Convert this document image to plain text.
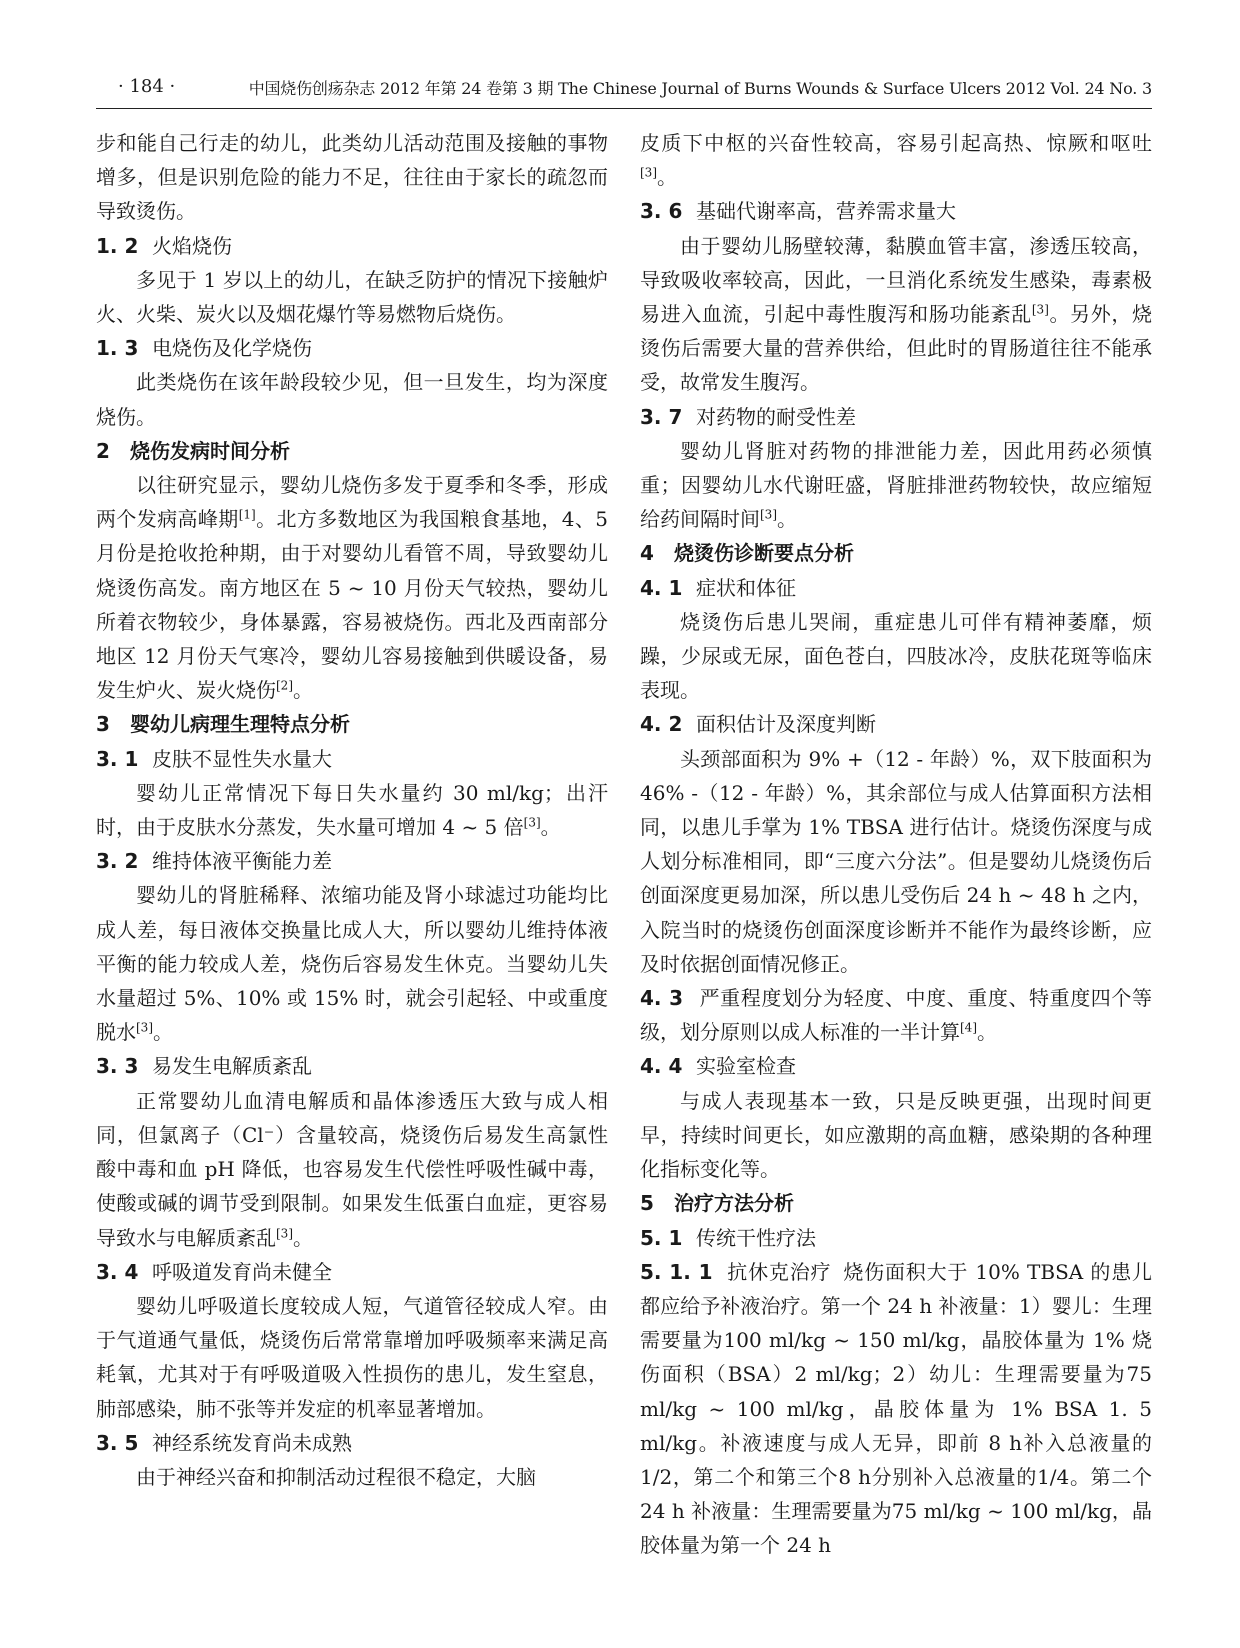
· 184 ·	中国烧伤创疡杂志 2012 年第 24 卷第 3 期 The Chinese Journal of Burns Wounds & Surface Ulcers 2012 Vol. 24 No. 3

步和能自己行走的幼儿，此类幼儿活动范围及接触的事物增多，但是识别危险的能力不足，往往由于家长的疏忽而导致烫伤。

1. 2 火焰烧伤

多见于 1 岁以上的幼儿，在缺乏防护的情况下接触炉火、火柴、炭火以及烟花爆竹等易燃物后烧伤。

1. 3 电烧伤及化学烧伤

此类烧伤在该年龄段较少见，但一旦发生，均为深度烧伤。

2 烧伤发病时间分析

以往研究显示，婴幼儿烧伤多发于夏季和冬季，形成两个发病高峰期[1]。北方多数地区为我国粮食基地，4、5 月份是抢收抢种期，由于对婴幼儿看管不周，导致婴幼儿烧烫伤高发。南方地区在 5 ~ 10 月份天气较热，婴幼儿所着衣物较少，身体暴露，容易被烧伤。西北及西南部分地区 12 月份天气寒冷，婴幼儿容易接触到供暖设备，易发生炉火、炭火烧伤[2]。

3 婴幼儿病理生理特点分析
3. 1 皮肤不显性失水量大

婴幼儿正常情况下每日失水量约 30 ml/kg；出汗时，由于皮肤水分蒸发，失水量可增加 4 ~ 5 倍[3]。

3. 2 维持体液平衡能力差

婴幼儿的肾脏稀释、浓缩功能及肾小球滤过功能均比成人差，每日液体交换量比成人大，所以婴幼儿维持体液平衡的能力较成人差，烧伤后容易发生休克。当婴幼儿失水量超过 5%、10% 或 15% 时，就会引起轻、中或重度脱水[3]。

3. 3 易发生电解质紊乱

正常婴幼儿血清电解质和晶体渗透压大致与成人相同，但氯离子（Cl⁻）含量较高，烧烫伤后易发生高氯性酸中毒和血 pH 降低，也容易发生代偿性呼吸性碱中毒，使酸或碱的调节受到限制。如果发生低蛋白血症，更容易导致水与电解质紊乱[3]。

3. 4 呼吸道发育尚未健全

婴幼儿呼吸道长度较成人短，气道管径较成人窄。由于气道通气量低，烧烫伤后常常靠增加呼吸频率来满足高耗氧，尤其对于有呼吸道吸入性损伤的患儿，发生窒息，肺部感染，肺不张等并发症的机率显著增加。

3. 5 神经系统发育尚未成熟

由于神经兴奋和抑制活动过程很不稳定，大脑

皮质下中枢的兴奋性较高，容易引起高热、惊厥和呕吐[3]。

3. 6 基础代谢率高，营养需求量大

由于婴幼儿肠壁较薄，黏膜血管丰富，渗透压较高，导致吸收率较高，因此，一旦消化系统发生感染，毒素极易进入血流，引起中毒性腹泻和肠功能紊乱[3]。另外，烧烫伤后需要大量的营养供给，但此时的胃肠道往往不能承受，故常发生腹泻。

3. 7 对药物的耐受性差

婴幼儿肾脏对药物的排泄能力差，因此用药必须慎重；因婴幼儿水代谢旺盛，肾脏排泄药物较快，故应缩短给药间隔时间[3]。

4 烧烫伤诊断要点分析
4. 1 症状和体征

烧烫伤后患儿哭闹，重症患儿可伴有精神萎靡，烦躁，少尿或无尿，面色苍白，四肢冰冷，皮肤花斑等临床表现。

4. 2 面积估计及深度判断

头颈部面积为 9% +（12 - 年龄）%，双下肢面积为 46% -（12 - 年龄）%，其余部位与成人估算面积方法相同，以患儿手掌为 1% TBSA 进行估计。烧烫伤深度与成人划分标准相同，即“三度六分法”。但是婴幼儿烧烫伤后创面深度更易加深，所以患儿受伤后 24 h ~ 48 h 之内，入院当时的烧烫伤创面深度诊断并不能作为最终诊断，应及时依据创面情况修正。

4. 3 严重程度划分为轻度、中度、重度、特重度四个等级，划分原则以成人标准的一半计算[4]。

4. 4 实验室检查

与成人表现基本一致，只是反映更强，出现时间更早，持续时间更长，如应激期的高血糖，感染期的各种理化指标变化等。

5 治疗方法分析
5. 1 传统干性疗法

5. 1. 1 抗休克治疗 烧伤面积大于 10% TBSA 的患儿都应给予补液治疗。第一个 24 h 补液量：1）婴儿：生理需要量为100 ml/kg ~ 150 ml/kg，晶胶体量为 1% 烧伤面积（BSA）2 ml/kg；2）幼儿：生理需要量为75 ml/kg ~ 100 ml/kg，晶胶体量为 1% BSA 1. 5 ml/kg。补液速度与成人无异，即前 8 h补入总液量的 1/2，第二个和第三个8 h分别补入总液量的1/4。第二个 24 h 补液量：生理需要量为75 ml/kg ~ 100 ml/kg，晶胶体量为第一个 24 h
